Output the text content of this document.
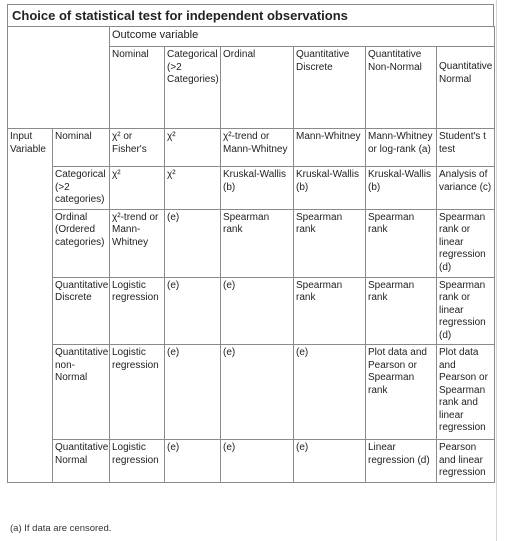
Choice of statistical test for independent observations
		Outcome variable					
		Nominal	Categorical (>2 Categories)	Ordinal	Quantitative Discrete	Quantitative Non-Normal	Quantitative Normal
Input Variable	Nominal	χ² or Fisher's	χ²	χ²-trend or Mann-Whitney	Mann-Whitney	Mann-Whitney or log-rank (a)	Student's t test
	Categorical (>2 categories)	χ²	χ²	Kruskal-Wallis (b)	Kruskal-Wallis (b)	Kruskal-Wallis (b)	Analysis of variance (c)
	Ordinal (Ordered categories)	χ²-trend or Mann-Whitney	(e)	Spearman rank	Spearman rank	Spearman rank	Spearman rank or linear regression (d)
	Quantitative Discrete	Logistic regression	(e)	(e)	Spearman rank	Spearman rank	Spearman rank or linear regression (d)
	Quantitative non-Normal	Logistic regression	(e)	(e)	(e)	Plot data and Pearson or Spearman rank	Plot data and Pearson or Spearman rank and linear regression
	Quantitative Normal	Logistic regression	(e)	(e)	(e)	Linear regression (d)	Pearson and linear regression
(a) If data are censored.
